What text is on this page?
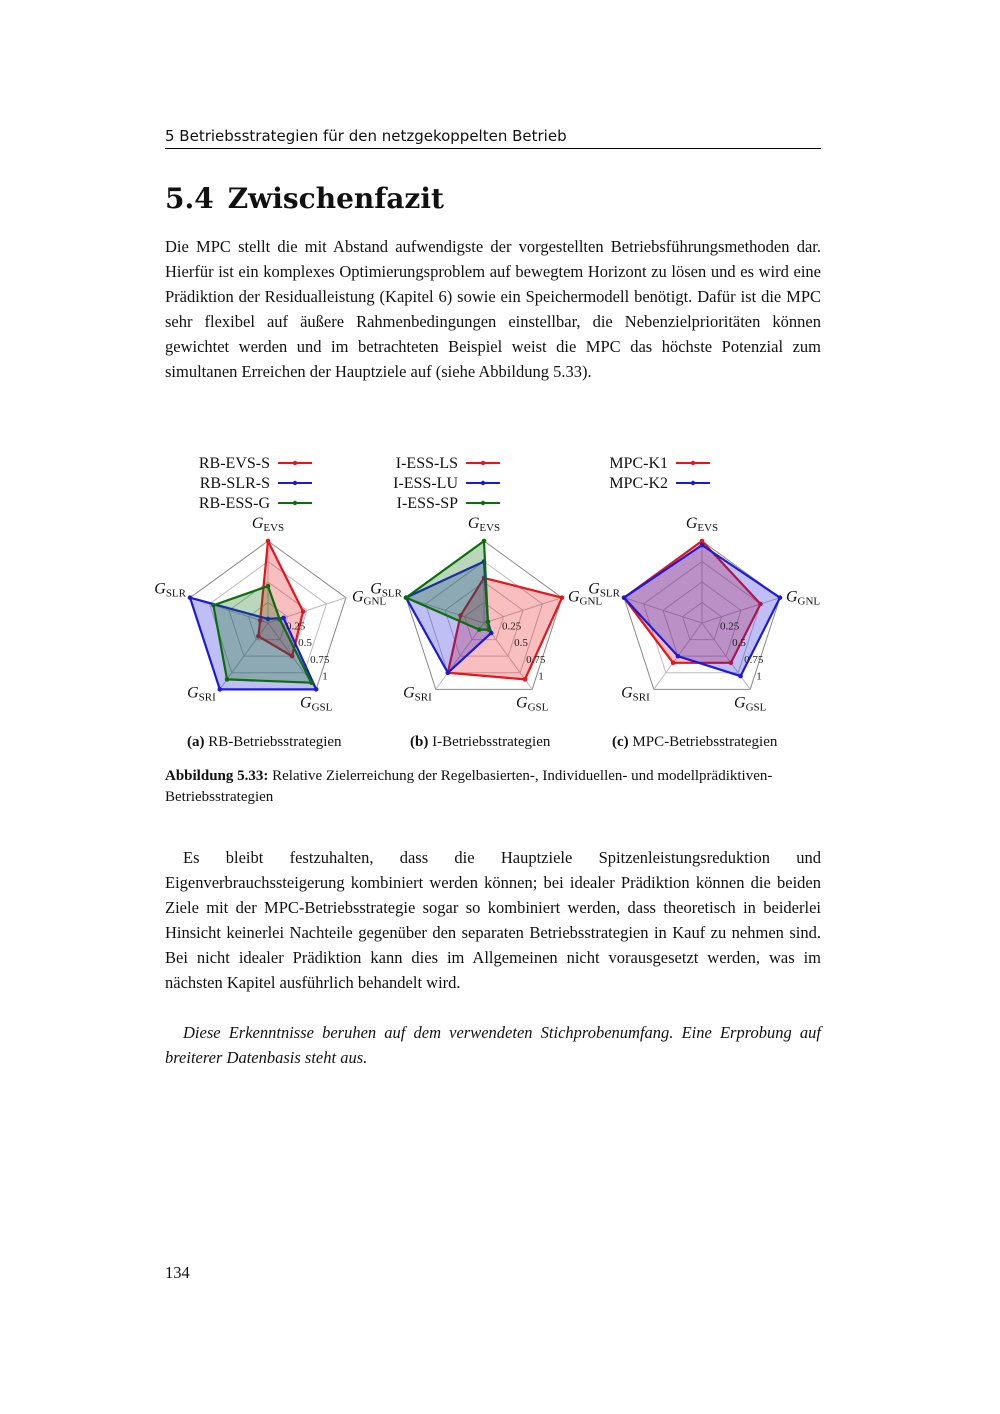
5 Betriebsstrategien für den netzgekoppelten Betrieb
5.4 Zwischenfazit

Die MPC stellt die mit Abstand aufwendigste der vorgestellten Betriebsführungsmethoden dar. Hierfür ist ein komplexes Optimierungsproblem auf bewegtem Horizont zu lösen und es wird eine Prädiktion der Residualleistung (Kapitel 6) sowie ein Speichermodell benötigt. Dafür ist die MPC sehr flexibel auf äußere Rahmenbedingungen einstellbar, die Nebenzielprioritäten können gewichtet werden und im betrachteten Beispiel weist die MPC das höchste Potenzial zum simultanen Erreichen der Hauptziele auf (siehe Abbildung 5.33).

0.25
0.5
0.75
1
GEVS
GGNL
GGSL
GSRI
GSLR
RB-EVS-S
RB-SLR-S
RB-ESS-G
(a) RB-Betriebsstrategien
0.25
0.5
0.75
1
GEVS
GGNL
GGSL
GSRI
GSLR
I-ESS-LS
I-ESS-LU
I-ESS-SP
(b) I-Betriebsstrategien
0.25
0.5
0.75
1
GEVS
GGNL
GGSL
GSRI
GSLR
MPC-K1
MPC-K2
(c) MPC-Betriebsstrategien
Abbildung 5.33: Relative Zielerreichung der Regelbasierten-, Individuellen- und modellprädiktiven-Betriebsstrategien

Es bleibt festzuhalten, dass die Hauptziele Spitzenleistungsreduktion und Eigenverbrauchssteigerung kombiniert werden können; bei idealer Prädiktion können die beiden Ziele mit der MPC-Betriebsstrategie sogar so kombiniert werden, dass theoretisch in beiderlei Hinsicht keinerlei Nachteile gegenüber den separaten Betriebsstrategien in Kauf zu nehmen sind. Bei nicht idealer Prädiktion kann dies im Allgemeinen nicht vorausgesetzt werden, was im nächsten Kapitel ausführlich behandelt wird.

Diese Erkenntnisse beruhen auf dem verwendeten Stichprobenumfang. Eine Erprobung auf breiterer Datenbasis steht aus.

134
